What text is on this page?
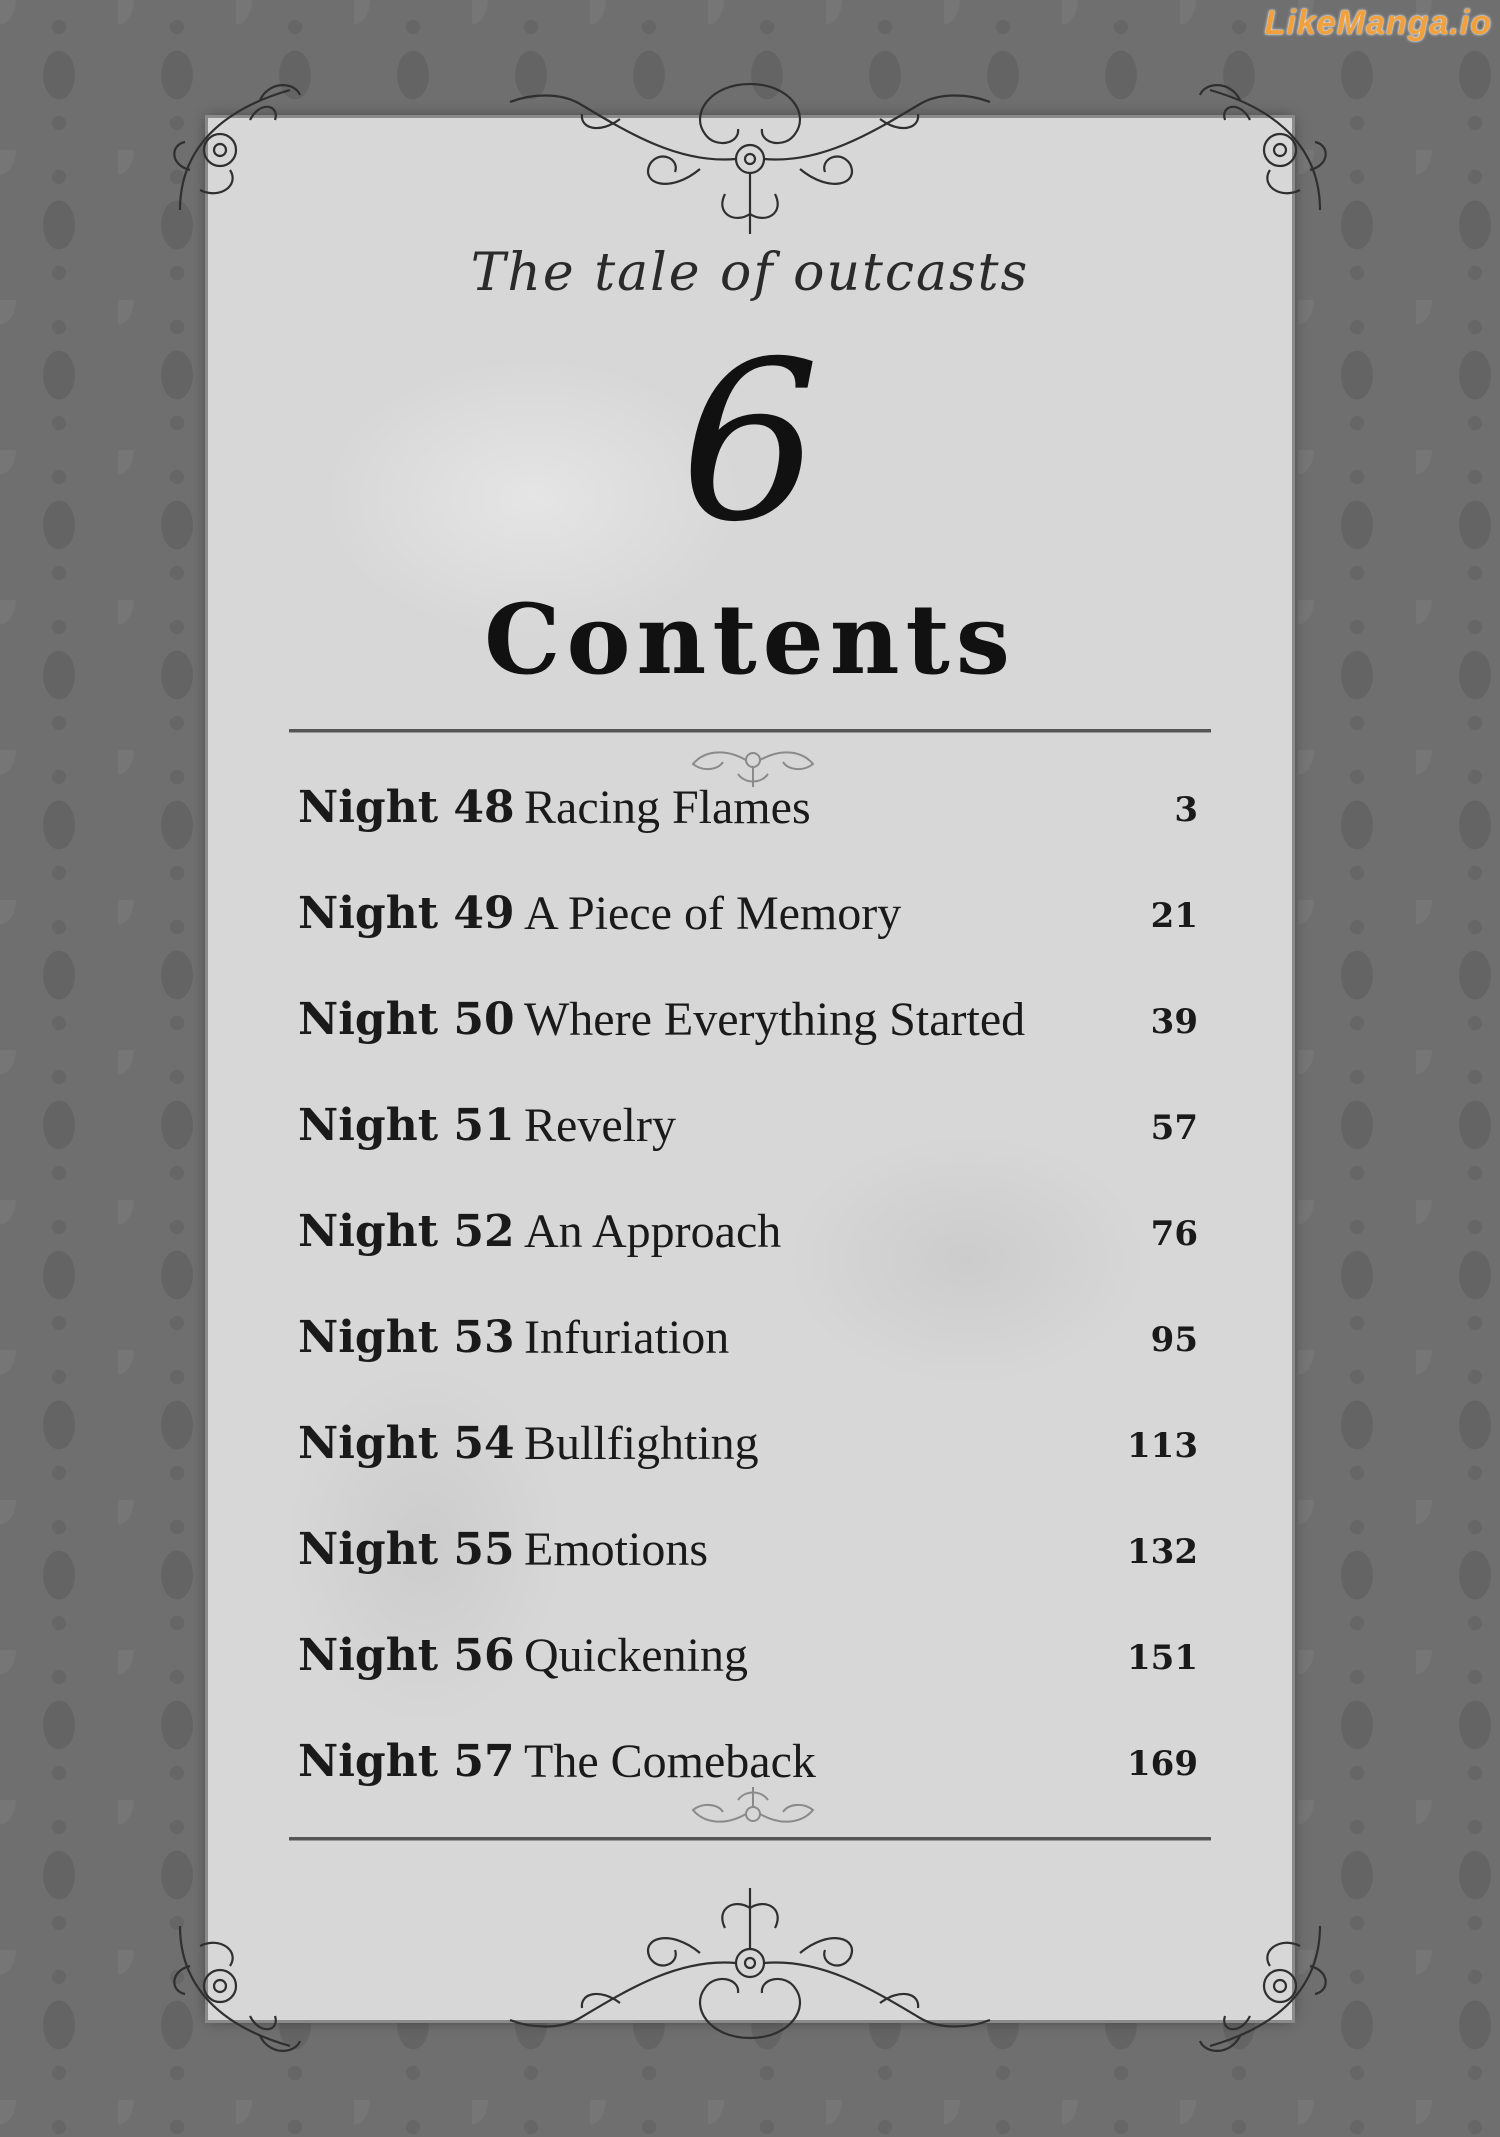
LikeManga.io
The tale of outcasts
6
Contents
Night 48 Racing Flames	3
Night 49 A Piece of Memory	21
Night 50 Where Everything Started	39
Night 51 Revelry	57
Night 52 An Approach	76
Night 53 Infuriation	95
Night 54 Bullfighting	113
Night 55 Emotions	132
Night 56 Quickening	151
Night 57 The Comeback	169
